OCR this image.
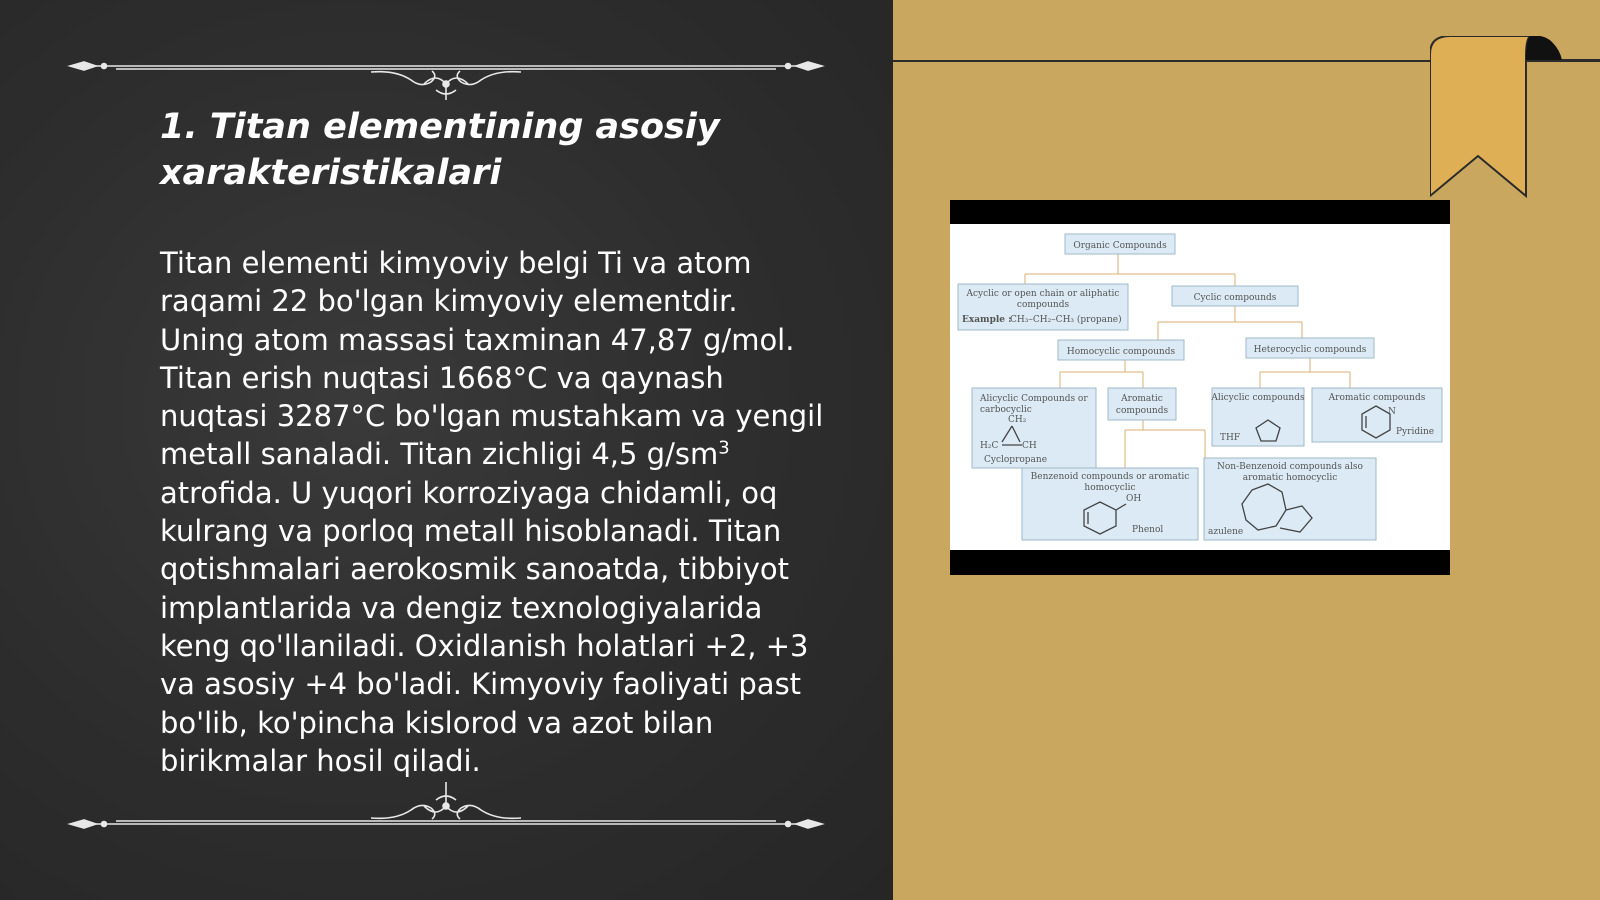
1. Titan elementining asosiy
xarakteristikalari

Titan elementi kimyoviy belgi Ti va atom
raqami 22 bo'lgan kimyoviy elementdir.
Uning atom massasi taxminan 47,87 g/mol.
Titan erish nuqtasi 1668°C va qaynash
nuqtasi 3287°C bo'lgan mustahkam va yengil
metall sanaladi. Titan zichligi 4,5 $g/sm^3$
atrofida. U yuqori korroziyaga chidamli, oq
kulrang va porloq metall hisoblanadi. Titan
qotishmalari aerokosmik sanoatda, tibbiyot
implantlarida va dengiz texnologiyalarida
keng qo'llaniladi. Oxidlanish holatlari +2, +3
va asosiy +4 bo'ladi. Kimyoviy faoliyati past
bo'lib, ko'pincha kislorod va azot bilan
birikmalar hosil qiladi.

Organic Compounds
Acyclic or open chain or aliphatic
compounds
Example :
CH₃–CH₂–CH₃ (propane)
Cyclic compounds
Homocyclic compounds	Heterocyclic compounds
Alicyclic Compounds or
carbocyclic
CH₂
H₂C	CH
Cyclopropane
Aromatic
compounds
Alicyclic compounds
THF
Aromatic compounds
N
Pyridine
Benzenoid compounds or aromatic
homocyclic
OH
Phenol
Non-Benzenoid compounds also
aromatic homocyclic
azulene
